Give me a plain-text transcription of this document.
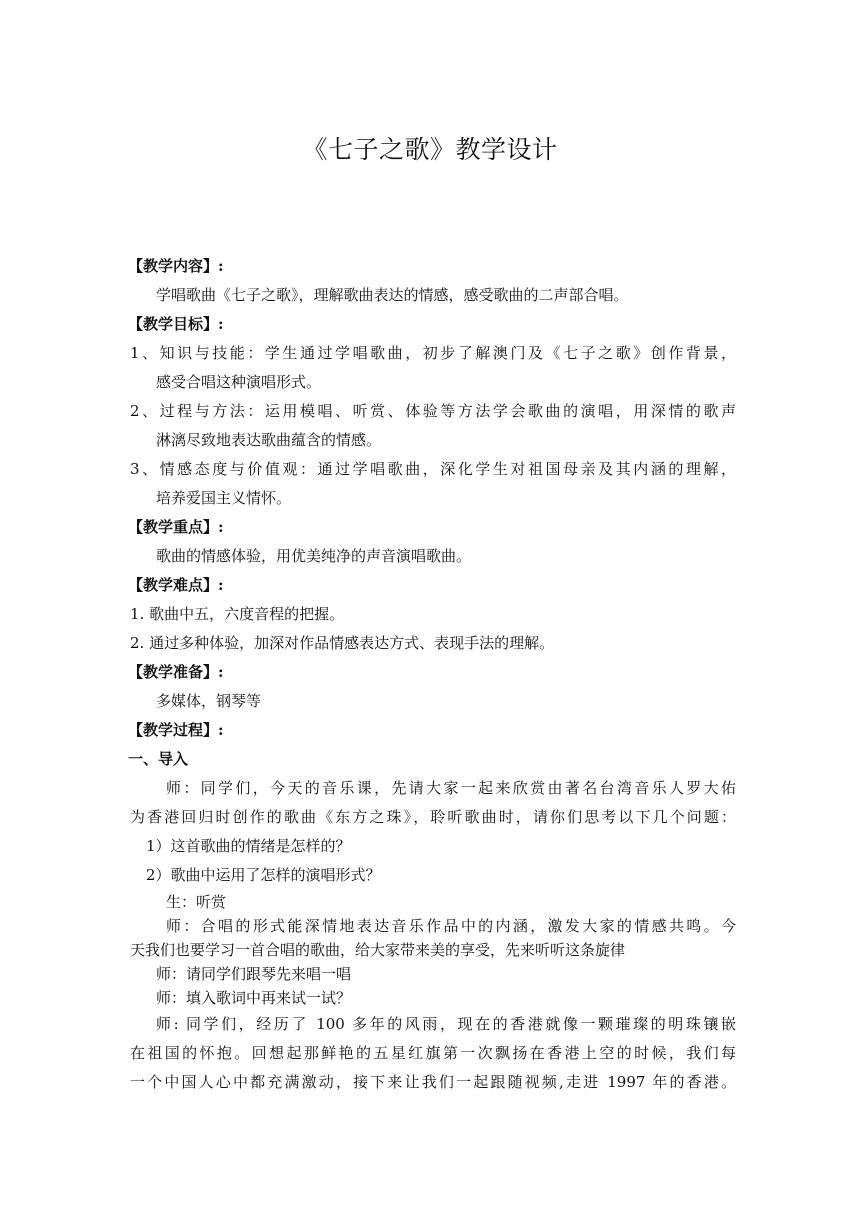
《七子之歌》教学设计
【教学内容】:
学唱歌曲《七子之歌》，理解歌曲表达的情感，感受歌曲的二声部合唱。
【教学目标】:
1、知识与技能：学生通过学唱歌曲，初步了解澳门及《七子之歌》创作背景，
感受合唱这种演唱形式。
2、过程与方法：运用模唱、听赏、体验等方法学会歌曲的演唱，用深情的歌声
淋漓尽致地表达歌曲蕴含的情感。
3、情感态度与价值观：通过学唱歌曲，深化学生对祖国母亲及其内涵的理解，
培养爱国主义情怀。
【教学重点】:
歌曲的情感体验，用优美纯净的声音演唱歌曲。
【教学难点】:
1. 歌曲中五，六度音程的把握。
2. 通过多种体验，加深对作品情感表达方式、表现手法的理解。
【教学准备】:
多媒体，钢琴等
【教学过程】:
一、导入
师：同学们，今天的音乐课，先请大家一起来欣赏由著名台湾音乐人罗大佑
为香港回归时创作的歌曲《东方之珠》，聆听歌曲时，请你们思考以下几个问题：
1）这首歌曲的情绪是怎样的？
2）歌曲中运用了怎样的演唱形式？
生：听赏
师：合唱的形式能深情地表达音乐作品中的内涵，激发大家的情感共鸣。今
天我们也要学习一首合唱的歌曲，给大家带来美的享受，先来听听这条旋律
师：请同学们跟琴先来唱一唱
师：填入歌词中再来试一试？
师: 同学们，经历了 100 多年的风雨，现在的香港就像一颗璀璨的明珠镶嵌
在祖国的怀抱。回想起那鲜艳的五星红旗第一次飘扬在香港上空的时候，我们每
一个中国人心中都充满激动，接下来让我们一起跟随视频,走进 1997 年的香港。
